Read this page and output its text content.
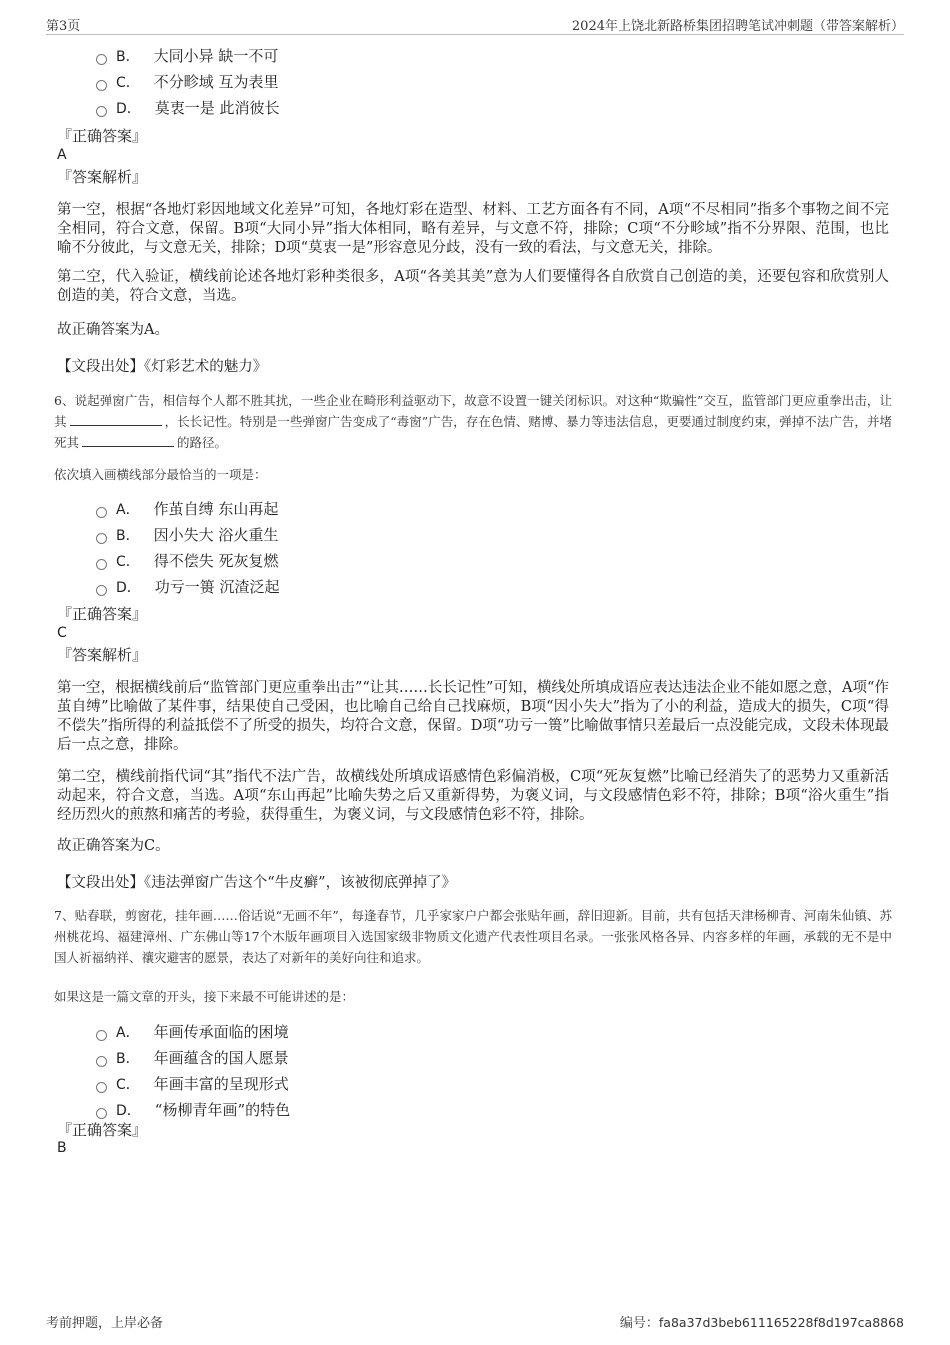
第3页	2024年上饶北新路桥集团招聘笔试冲刺题（带答案解析）
B． 大同小异 缺一不可
C． 不分畛域 互为表里
D． 莫衷一是 此消彼长
『正确答案』
A
『答案解析』
第一空，根据“各地灯彩因地域文化差异”可知，各地灯彩在造型、材料、工艺方面各有不同，A项“不尽相同”指多个事物之间不完全相同，符合文意，保留。B项“大同小异”指大体相同，略有差异，与文意不符，排除；C项“不分畛域”指不分界限、范围，也比喻不分彼此，与文意无关，排除；D项“莫衷一是”形容意见分歧，没有一致的看法，与文意无关，排除。
第二空，代入验证，横线前论述各地灯彩种类很多，A项“各美其美”意为人们要懂得各自欣赏自己创造的美，还要包容和欣赏别人创造的美，符合文意，当选。
故正确答案为A。
【文段出处】《灯彩艺术的魅力》
6、说起弹窗广告，相信每个人都不胜其扰，一些企业在畸形利益驱动下，故意不设置一键关闭标识。对这种“欺骗性”交互，监管部门更应重拳出击，让其	，长长记性。特别是一些弹窗广告变成了“毒窗”广告，存在色情、赌博、暴力等违法信息，更要通过制度约束，弹掉不法广告，并堵死其	的路径。
依次填入画横线部分最恰当的一项是：
A． 作茧自缚 东山再起
B． 因小失大 浴火重生
C． 得不偿失 死灰复燃
D． 功亏一篑 沉渣泛起
『正确答案』
C
『答案解析』
第一空，根据横线前后“监管部门更应重拳出击”“让其……长长记性”可知，横线处所填成语应表达违法企业不能如愿之意，A项“作茧自缚”比喻做了某件事，结果使自己受困，也比喻自己给自己找麻烦，B项“因小失大”指为了小的利益，造成大的损失，C项“得不偿失”指所得的利益抵偿不了所受的损失，均符合文意，保留。D项“功亏一篑”比喻做事情只差最后一点没能完成，文段未体现最后一点之意，排除。
第二空，横线前指代词“其”指代不法广告，故横线处所填成语感情色彩偏消极，C项“死灰复燃”比喻已经消失了的恶势力又重新活动起来，符合文意，当选。A项“东山再起”比喻失势之后又重新得势，为褒义词，与文段感情色彩不符，排除；B项“浴火重生”指经历烈火的煎熬和痛苦的考验，获得重生，为褒义词，与文段感情色彩不符，排除。
故正确答案为C。
【文段出处】《违法弹窗广告这个“牛皮癣”，该被彻底弹掉了》
7、贴春联，剪窗花，挂年画……俗话说“无画不年”，每逢春节，几乎家家户户都会张贴年画，辞旧迎新。目前，共有包括天津杨柳青、河南朱仙镇、苏州桃花坞、福建漳州、广东佛山等17个木版年画项目入选国家级非物质文化遗产代表性项目名录。一张张风格各异、内容多样的年画，承载的无不是中国人祈福纳祥、禳灾避害的愿景，表达了对新年的美好向往和追求。
如果这是一篇文章的开头，接下来最不可能讲述的是：
A． 年画传承面临的困境
B． 年画蕴含的国人愿景
C． 年画丰富的呈现形式
D． “杨柳青年画”的特色
『正确答案』
B
考前押题，上岸必备	编号：fa8a37d3beb611165228f8d197ca8868
